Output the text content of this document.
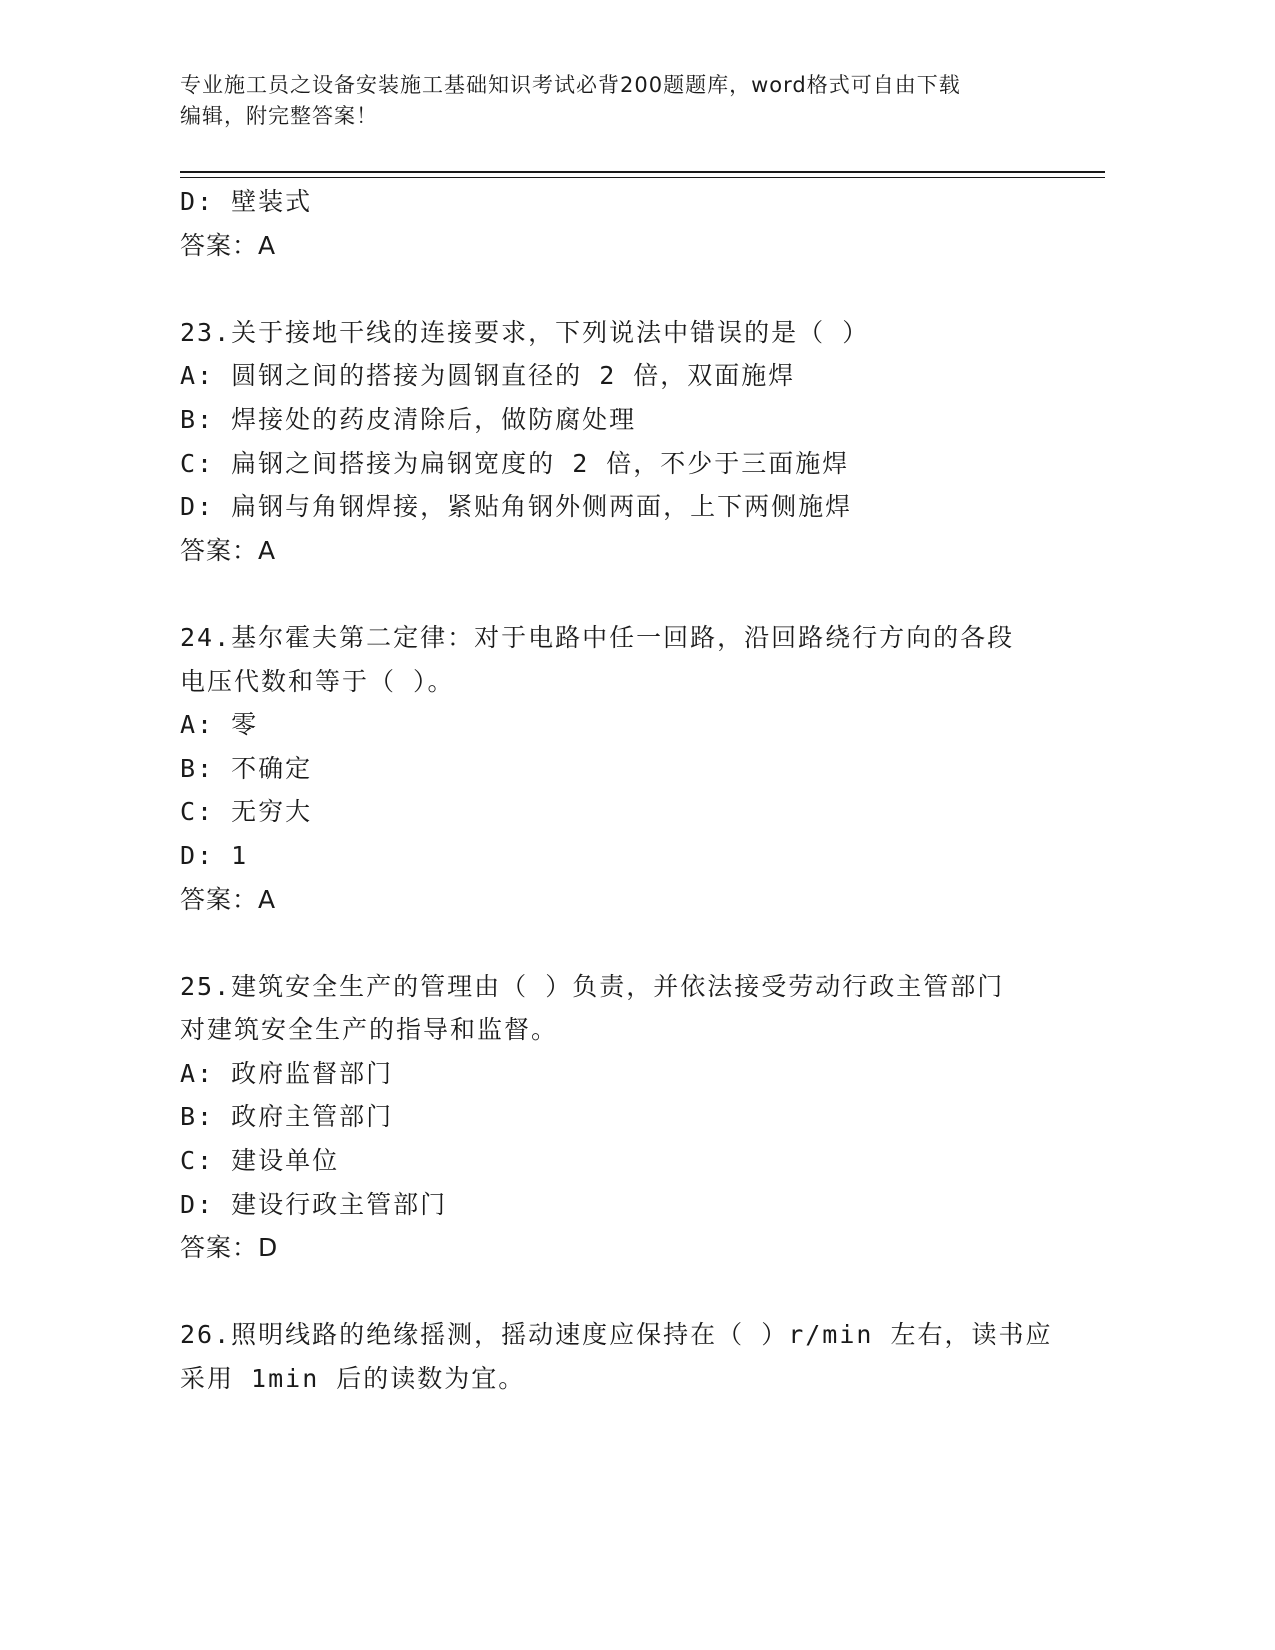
专业施工员之设备安装施工基础知识考试必背200题题库，word格式可自由下载
编辑，附完整答案！
D: 壁装式
答案：A
23.关于接地干线的连接要求，下列说法中错误的是（ ）
A: 圆钢之间的搭接为圆钢直径的 2 倍，双面施焊
B: 焊接处的药皮清除后，做防腐处理
C: 扁钢之间搭接为扁钢宽度的 2 倍，不少于三面施焊
D: 扁钢与角钢焊接，紧贴角钢外侧两面，上下两侧施焊
答案：A
24.基尔霍夫第二定律：对于电路中任一回路，沿回路绕行方向的各段
电压代数和等于（ ）。
A: 零
B: 不确定
C: 无穷大
D: 1
答案：A
25.建筑安全生产的管理由（ ）负责，并依法接受劳动行政主管部门
对建筑安全生产的指导和监督。
A: 政府监督部门
B: 政府主管部门
C: 建设单位
D: 建设行政主管部门
答案：D
26.照明线路的绝缘摇测，摇动速度应保持在（ ）r/min 左右，读书应
采用 1min 后的读数为宜。
